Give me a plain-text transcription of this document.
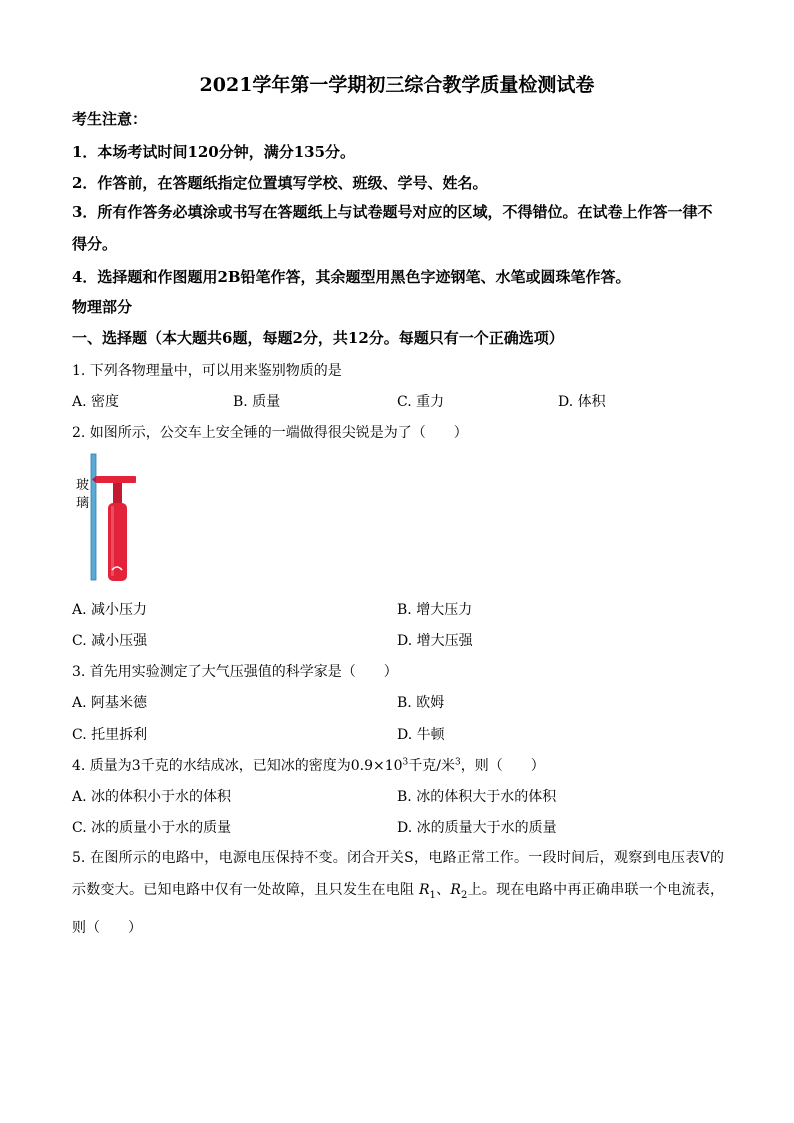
2021学年第一学期初三综合教学质量检测试卷
考生注意：
1．本场考试时间120分钟，满分135分。
2．作答前，在答题纸指定位置填写学校、班级、学号、姓名。
3．所有作答务必填涂或书写在答题纸上与试卷题号对应的区域，不得错位。在试卷上作答一律不得分。
4．选择题和作图题用2B铅笔作答，其余题型用黑色字迹钢笔、水笔或圆珠笔作答。
物理部分
一、选择题（本大题共6题，每题2分，共12分。每题只有一个正确选项）
1. 下列各物理量中，可以用来鉴别物质的是
A. 密度	B. 质量	C. 重力	D. 体积
2. 如图所示，公交车上安全锤的一端做得很尖锐是为了（　　）
玻
璃
A. 减小压力	B. 增大压力
C. 减小压强	D. 增大压强
3. 首先用实验测定了大气压强值的科学家是（　　）
A. 阿基米德	B. 欧姆
C. 托里拆利	D. 牛顿
4. 质量为3千克的水结成冰，已知冰的密度为$0.9\times 10^3$千克/米$^3$，则（　　）
A. 冰的体积小于水的体积	B. 冰的体积大于水的体积
C. 冰的质量小于水的质量	D. 冰的质量大于水的质量
5. 在图所示的电路中，电源电压保持不变。闭合开关S，电路正常工作。一段时间后，观察到电压表V的示数变大。已知电路中仅有一处故障，且只发生在电阻 $R_1$、$R_2$上。现在电路中再正确串联一个电流表，则（　　）
